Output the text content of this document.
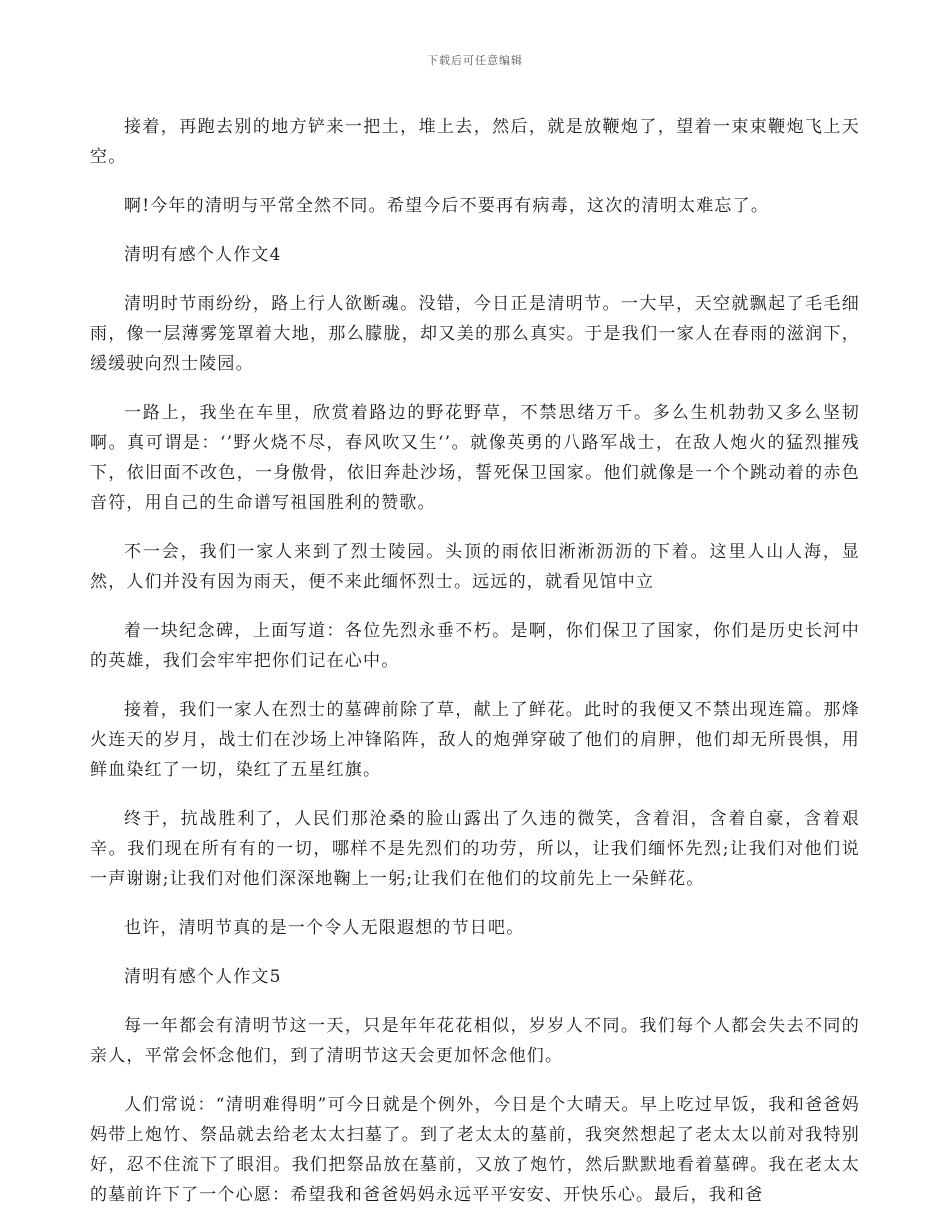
下载后可任意编辑

接着，再跑去别的地方铲来一把土，堆上去，然后，就是放鞭炮了，望着一束束鞭炮飞上天空。

啊!今年的清明与平常全然不同。希望今后不要再有病毒，这次的清明太难忘了。

清明有感个人作文4

清明时节雨纷纷，路上行人欲断魂。没错，今日正是清明节。一大早，天空就飘起了毛毛细雨，像一层薄雾笼罩着大地，那么朦胧，却又美的那么真实。于是我们一家人在春雨的滋润下，缓缓驶向烈士陵园。

一路上，我坐在车里，欣赏着路边的野花野草，不禁思绪万千。多么生机勃勃又多么坚韧啊。真可谓是：‘’野火烧不尽，春风吹又生‘’。就像英勇的八路军战士，在敌人炮火的猛烈摧残下，依旧面不改色，一身傲骨，依旧奔赴沙场，誓死保卫国家。他们就像是一个个跳动着的赤色音符，用自己的生命谱写祖国胜利的赞歌。

不一会，我们一家人来到了烈士陵园。头顶的雨依旧淅淅沥沥的下着。这里人山人海，显然，人们并没有因为雨天，便不来此缅怀烈士。远远的，就看见馆中立

着一块纪念碑，上面写道：各位先烈永垂不朽。是啊，你们保卫了国家，你们是历史长河中的英雄，我们会牢牢把你们记在心中。

接着，我们一家人在烈士的墓碑前除了草，献上了鲜花。此时的我便又不禁出现连篇。那烽火连天的岁月，战士们在沙场上冲锋陷阵，敌人的炮弹穿破了他们的肩胛，他们却无所畏惧，用鲜血染红了一切，染红了五星红旗。

终于，抗战胜利了，人民们那沧桑的脸山露出了久违的微笑，含着泪，含着自豪，含着艰辛。我们现在所有有的一切，哪样不是先烈们的功劳，所以，让我们缅怀先烈;让我们对他们说一声谢谢;让我们对他们深深地鞠上一躬;让我们在他们的坟前先上一朵鲜花。

也许，清明节真的是一个令人无限遐想的节日吧。

清明有感个人作文5

每一年都会有清明节这一天，只是年年花花相似，岁岁人不同。我们每个人都会失去不同的亲人，平常会怀念他们，到了清明节这天会更加怀念他们。

人们常说：“清明难得明”可今日就是个例外，今日是个大晴天。早上吃过早饭，我和爸爸妈妈带上炮竹、祭品就去给老太太扫墓了。到了老太太的墓前，我突然想起了老太太以前对我特别好，忍不住流下了眼泪。我们把祭品放在墓前，又放了炮竹，然后默默地看着墓碑。我在老太太的墓前许下了一个心愿：希望我和爸爸妈妈永远平平安安、开快乐心。最后，我和爸
